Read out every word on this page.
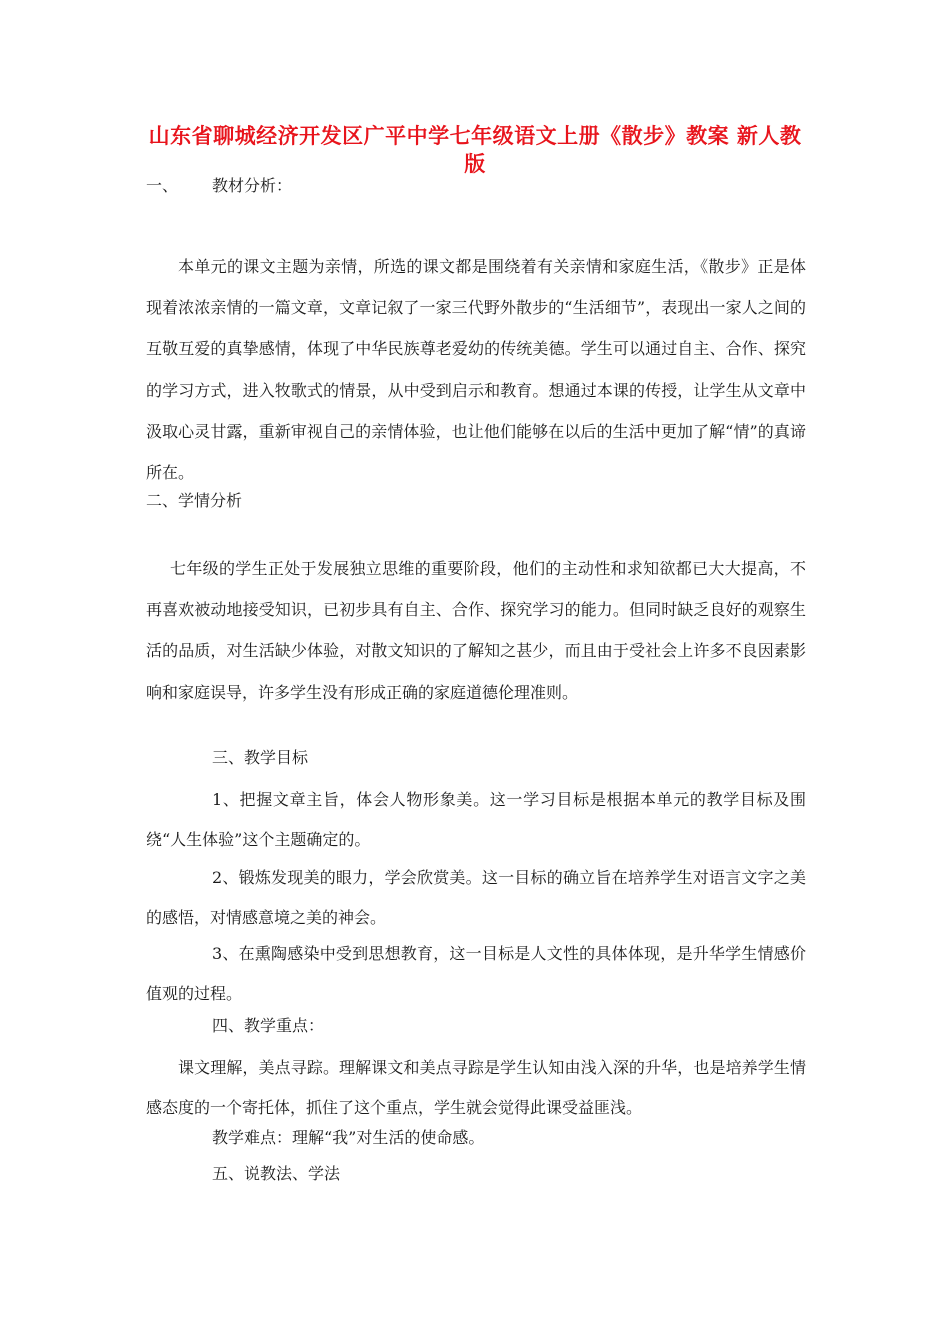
山东省聊城经济开发区广平中学七年级语文上册《散步》教案 新人教版
一、 教材分析：
本单元的课文主题为亲情，所选的课文都是围绕着有关亲情和家庭生活，《散步》正是体现着浓浓亲情的一篇文章，文章记叙了一家三代野外散步的“生活细节”，表现出一家人之间的互敬互爱的真挚感情，体现了中华民族尊老爱幼的传统美德。学生可以通过自主、合作、探究的学习方式，进入牧歌式的情景，从中受到启示和教育。想通过本课的传授，让学生从文章中汲取心灵甘露，重新审视自己的亲情体验，也让他们能够在以后的生活中更加了解“情”的真谛所在。
二、学情分析
七年级的学生正处于发展独立思维的重要阶段，他们的主动性和求知欲都已大大提高，不再喜欢被动地接受知识，已初步具有自主、合作、探究学习的能力。但同时缺乏良好的观察生活的品质，对生活缺少体验，对散文知识的了解知之甚少，而且由于受社会上许多不良因素影响和家庭误导，许多学生没有形成正确的家庭道德伦理准则。
三、教学目标
1、把握文章主旨，体会人物形象美。这一学习目标是根据本单元的教学目标及围绕“人生体验”这个主题确定的。
2、锻炼发现美的眼力，学会欣赏美。这一目标的确立旨在培养学生对语言文字之美的感悟，对情感意境之美的神会。
3、在熏陶感染中受到思想教育，这一目标是人文性的具体体现，是升华学生情感价值观的过程。
四、教学重点：
课文理解，美点寻踪。理解课文和美点寻踪是学生认知由浅入深的升华，也是培养学生情感态度的一个寄托体，抓住了这个重点，学生就会觉得此课受益匪浅。
教学难点：理解“我”对生活的使命感。
五、说教法、学法
